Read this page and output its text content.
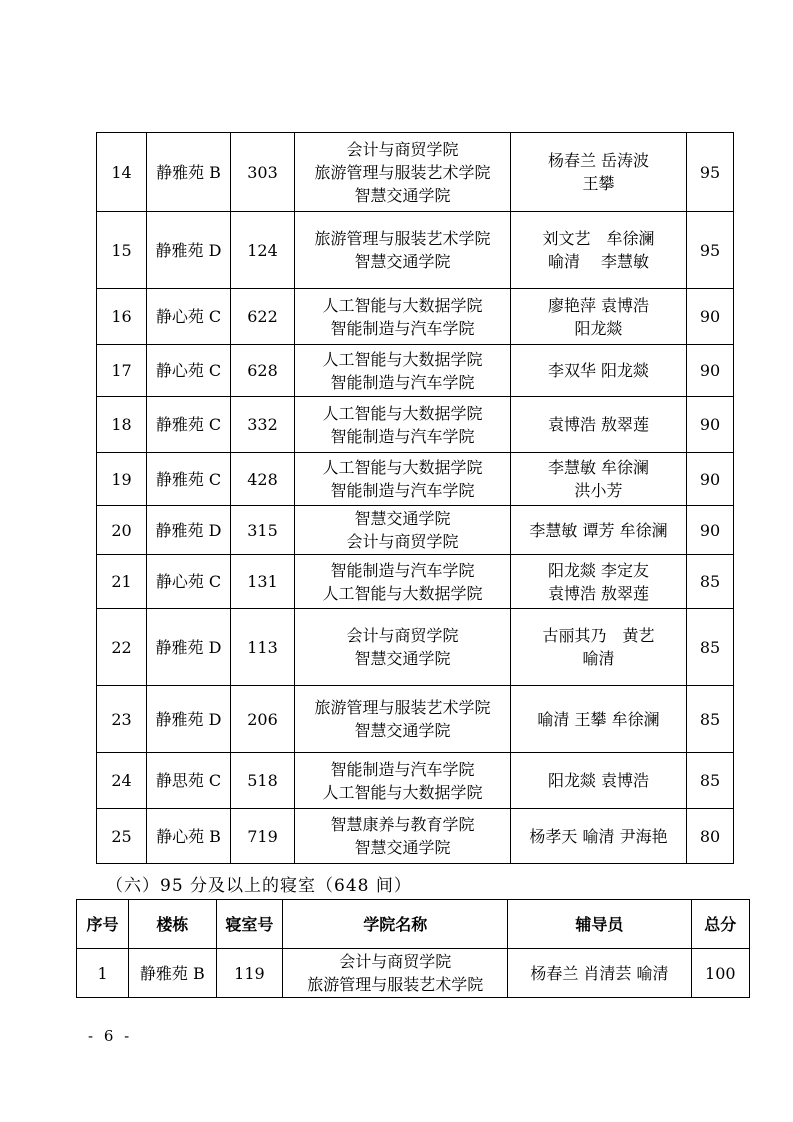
14	静雅苑 B	303	会计与商贸学院
旅游管理与服装艺术学院
智慧交通学院	杨春兰 岳涛波
王攀	95
15	静雅苑 D	124	旅游管理与服装艺术学院
智慧交通学院	刘文艺　牟徐澜
喻清　 李慧敏	95
16	静心苑 C	622	人工智能与大数据学院
智能制造与汽车学院	廖艳萍 袁博浩
阳龙燚	90
17	静心苑 C	628	人工智能与大数据学院
智能制造与汽车学院	李双华 阳龙燚	90
18	静雅苑 C	332	人工智能与大数据学院
智能制造与汽车学院	袁博浩 敖翠莲	90
19	静雅苑 C	428	人工智能与大数据学院
智能制造与汽车学院	李慧敏 牟徐澜
洪小芳	90
20	静雅苑 D	315	智慧交通学院
会计与商贸学院	李慧敏 谭芳 牟徐澜	90
21	静心苑 C	131	智能制造与汽车学院
人工智能与大数据学院	阳龙燚 李定友
袁博浩 敖翠莲	85
22	静雅苑 D	113	会计与商贸学院
智慧交通学院	古丽其乃　黄艺
喻清	85
23	静雅苑 D	206	旅游管理与服装艺术学院
智慧交通学院	喻清 王攀 牟徐澜	85
24	静思苑 C	518	智能制造与汽车学院
人工智能与大数据学院	阳龙燚 袁博浩	85
25	静心苑 B	719	智慧康养与教育学院
智慧交通学院	杨孝天 喻清 尹海艳	80
（六）95 分及以上的寝室（648 间）
序号	楼栋	寝室号	学院名称	辅导员	总分
1	静雅苑 B	119	会计与商贸学院
旅游管理与服装艺术学院	杨春兰 肖清芸 喻清	100
- 6 -
